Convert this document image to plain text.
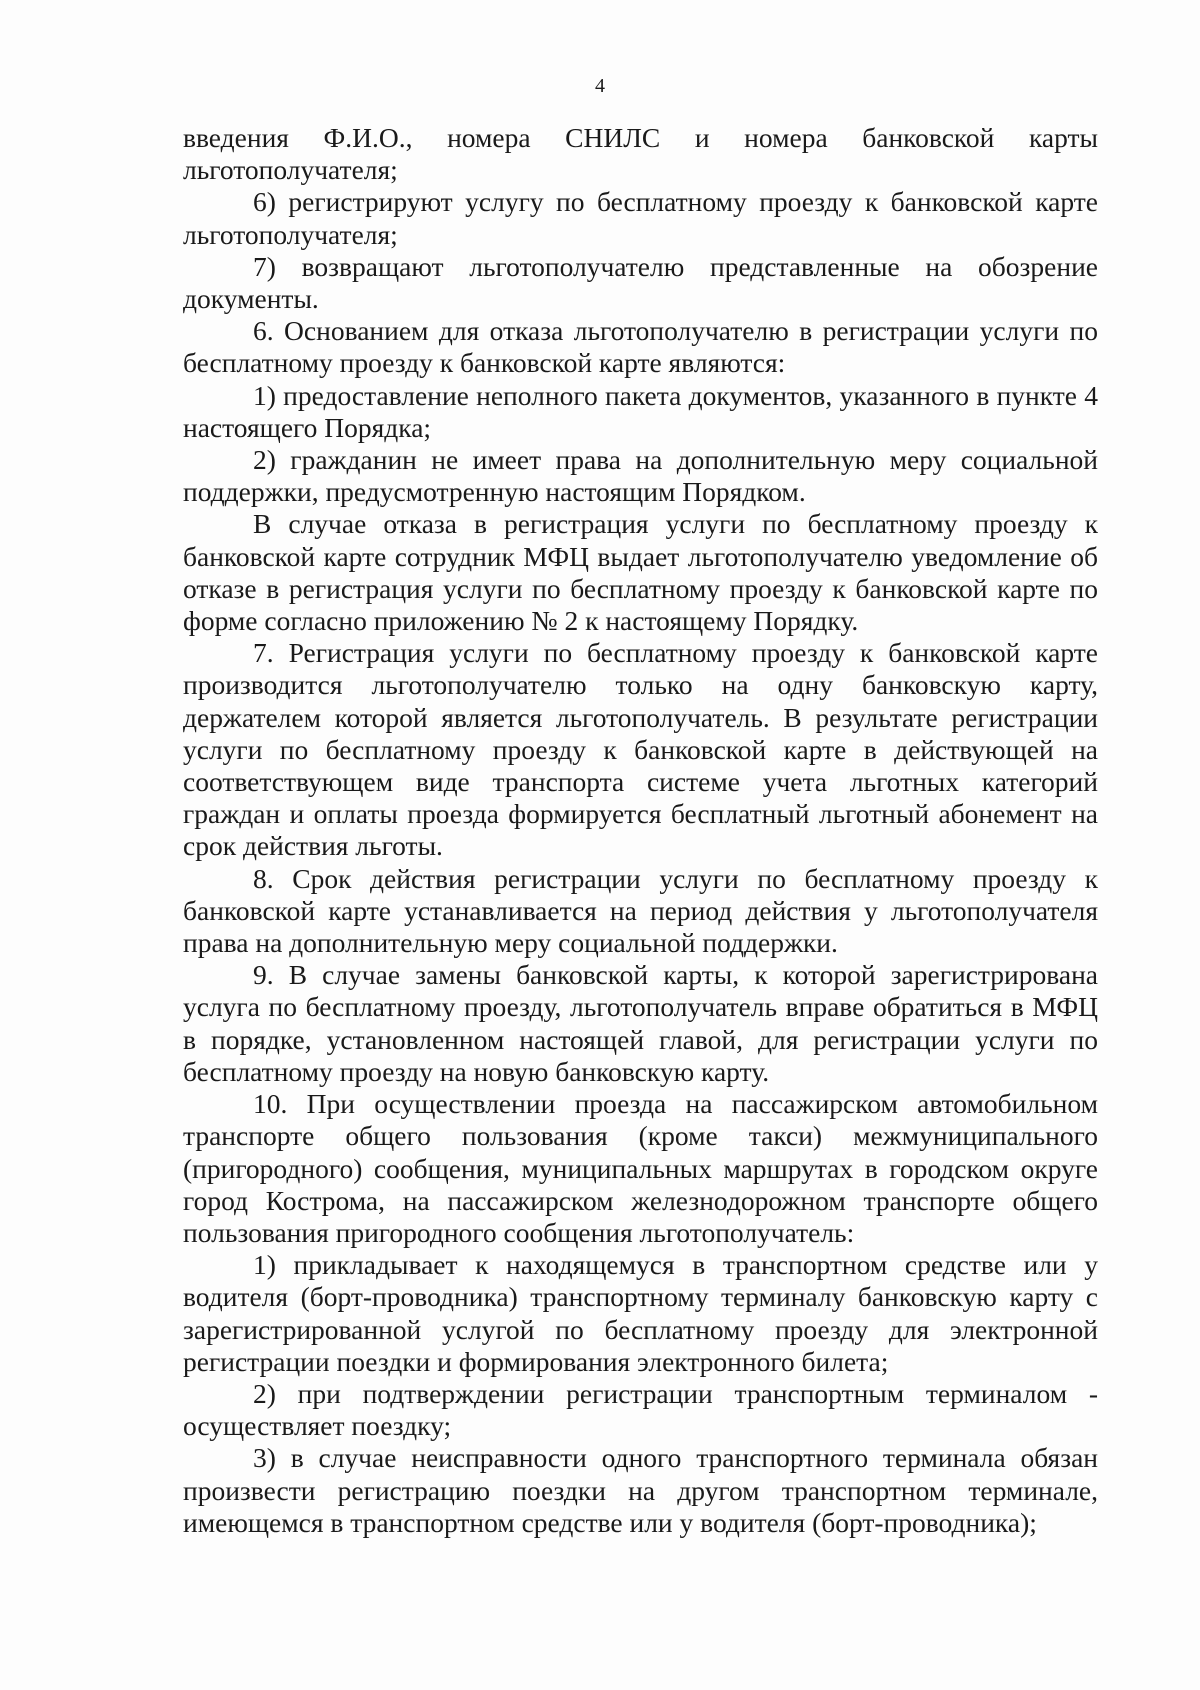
4

введения Ф.И.О., номера СНИЛС и номера банковской карты льготополучателя;

6) регистрируют услугу по бесплатному проезду к банковской карте льготополучателя;

7) возвращают льготополучателю представленные на обозрение документы.

6. Основанием для отказа льготополучателю в регистрации услуги по бесплатному проезду к банковской карте являются:

1) предоставление неполного пакета документов, указанного в пункте 4 настоящего Порядка;

2) гражданин не имеет права на дополнительную меру социальной поддержки, предусмотренную настоящим Порядком.

В случае отказа в регистрация услуги по бесплатному проезду к банковской карте сотрудник МФЦ выдает льготополучателю уведомление об отказе в регистрация услуги по бесплатному проезду к банковской карте по форме согласно приложению № 2 к настоящему Порядку.

7. Регистрация услуги по бесплатному проезду к банковской карте производится льготополучателю только на одну банковскую карту, держателем которой является льготополучатель. В результате регистрации услуги по бесплатному проезду к банковской карте в действующей на соответствующем виде транспорта системе учета льготных категорий граждан и оплаты проезда формируется бесплатный льготный абонемент на срок действия льготы.

8. Срок действия регистрации услуги по бесплатному проезду к банковской карте устанавливается на период действия у льготополучателя права на дополнительную меру социальной поддержки.

9. В случае замены банковской карты, к которой зарегистрирована услуга по бесплатному проезду, льготополучатель вправе обратиться в МФЦ в порядке, установленном настоящей главой, для регистрации услуги по бесплатному проезду на новую банковскую карту.

10. При осуществлении проезда на пассажирском автомобильном транспорте общего пользования (кроме такси) межмуниципального (пригородного) сообщения, муниципальных маршрутах в городском округе город Кострома, на пассажирском железнодорожном транспорте общего пользования пригородного сообщения льготополучатель:

1) прикладывает к находящемуся в транспортном средстве или у водителя (борт-проводника) транспортному терминалу банковскую карту с зарегистрированной услугой по бесплатному проезду для электронной регистрации поездки и формирования электронного билета;

2) при подтверждении регистрации транспортным терминалом - осуществляет поездку;

3) в случае неисправности одного транспортного терминала обязан произвести регистрацию поездки на другом транспортном терминале, имеющемся в транспортном средстве или у водителя (борт-проводника);
